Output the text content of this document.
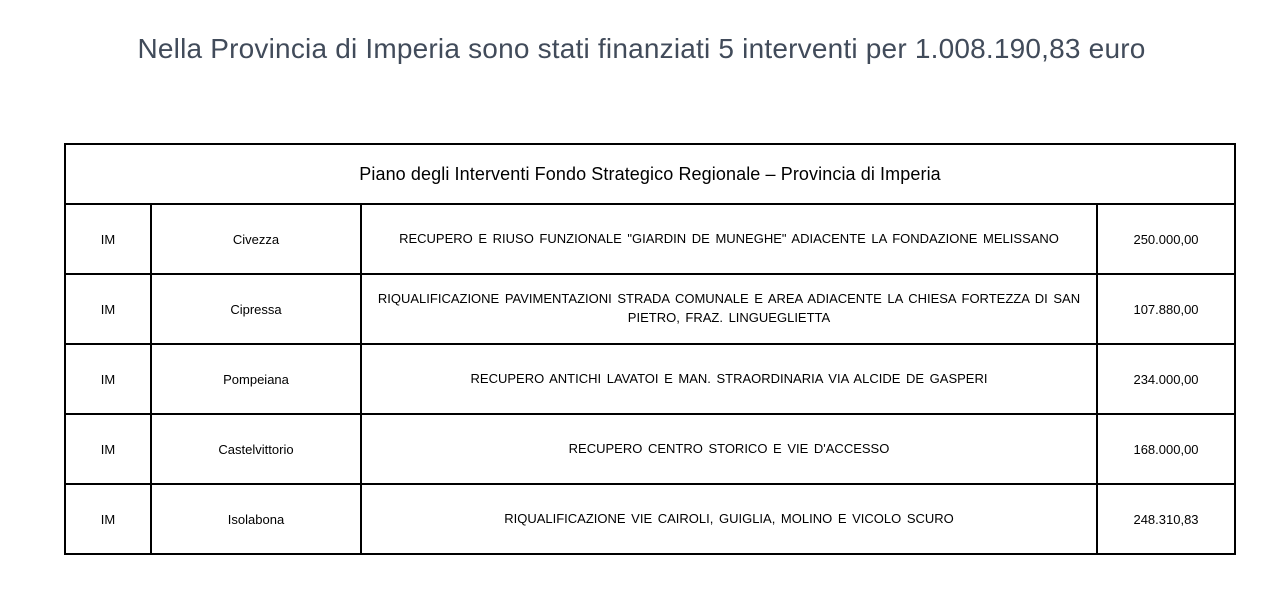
Nella Provincia di Imperia sono stati finanziati 5 interventi per 1.008.190,83 euro
Piano degli Interventi Fondo Strategico Regionale – Provincia di Imperia			
IM	Civezza	RECUPERO E RIUSO FUNZIONALE "GIARDIN DE MUNEGHE" ADIACENTE LA FONDAZIONE MELISSANO	250.000,00
IM	Cipressa	RIQUALIFICAZIONE PAVIMENTAZIONI STRADA COMUNALE E AREA ADIACENTE LA CHIESA FORTEZZA DI SAN PIETRO, FRAZ. LINGUEGLIETTA	107.880,00
IM	Pompeiana	RECUPERO ANTICHI LAVATOI E MAN. STRAORDINARIA VIA ALCIDE DE GASPERI	234.000,00
IM	Castelvittorio	RECUPERO CENTRO STORICO E VIE D'ACCESSO	168.000,00
IM	Isolabona	RIQUALIFICAZIONE VIE CAIROLI, GUIGLIA, MOLINO E VICOLO SCURO	248.310,83
